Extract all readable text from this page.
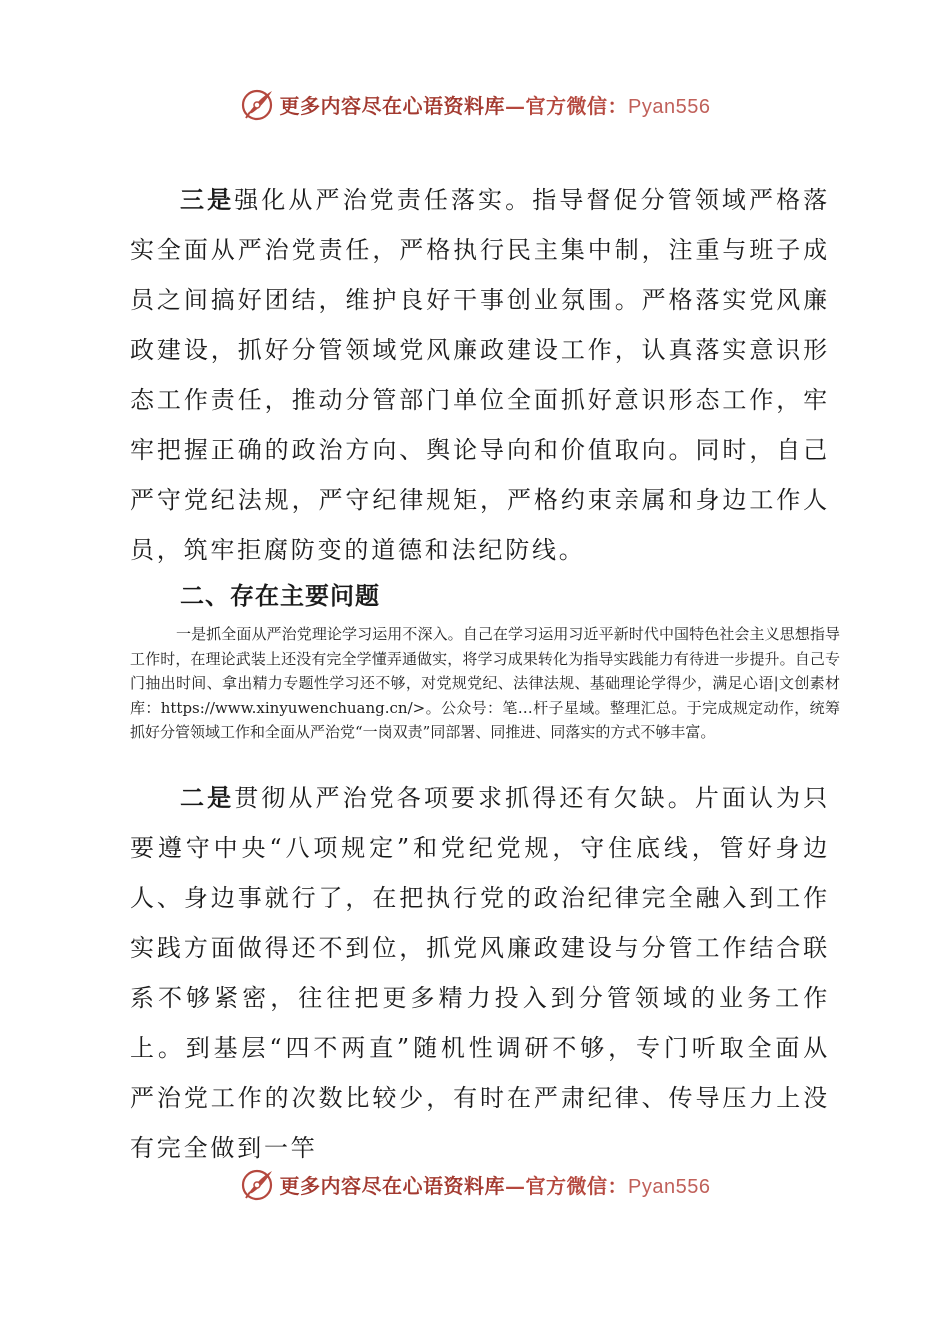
更多内容尽在心语资料库—官方微信：Pyan556

三是强化从严治党责任落实。指导督促分管领域严格落实全面从严治党责任，严格执行民主集中制，注重与班子成员之间搞好团结，维护良好干事创业氛围。严格落实党风廉政建设，抓好分管领域党风廉政建设工作，认真落实意识形态工作责任，推动分管部门单位全面抓好意识形态工作，牢牢把握正确的政治方向、舆论导向和价值取向。同时，自己严守党纪法规，严守纪律规矩，严格约束亲属和身边工作人员，筑牢拒腐防变的道德和法纪防线。

二、存在主要问题

一是抓全面从严治党理论学习运用不深入。自己在学习运用习近平新时代中国特色社会主义思想指导工作时，在理论武装上还没有完全学懂弄通做实，将学习成果转化为指导实践能力有待进一步提升。自己专门抽出时间、拿出精力专题性学习还不够，对党规党纪、法律法规、基础理论学得少，满足心语|文创素材库：https://www.xinyuwenchuang.cn/>。公众号：笔…杆子星域。整理汇总。于完成规定动作，统筹抓好分管领域工作和全面从严治党“一岗双责”同部署、同推进、同落实的方式不够丰富。

二是贯彻从严治党各项要求抓得还有欠缺。片面认为只要遵守中央“八项规定”和党纪党规，守住底线，管好身边人、身边事就行了，在把执行党的政治纪律完全融入到工作实践方面做得还不到位，抓党风廉政建设与分管工作结合联系不够紧密，往往把更多精力投入到分管领域的业务工作上。到基层“四不两直”随机性调研不够，专门听取全面从严治党工作的次数比较少，有时在严肃纪律、传导压力上没有完全做到一竿

更多内容尽在心语资料库—官方微信：Pyan556
